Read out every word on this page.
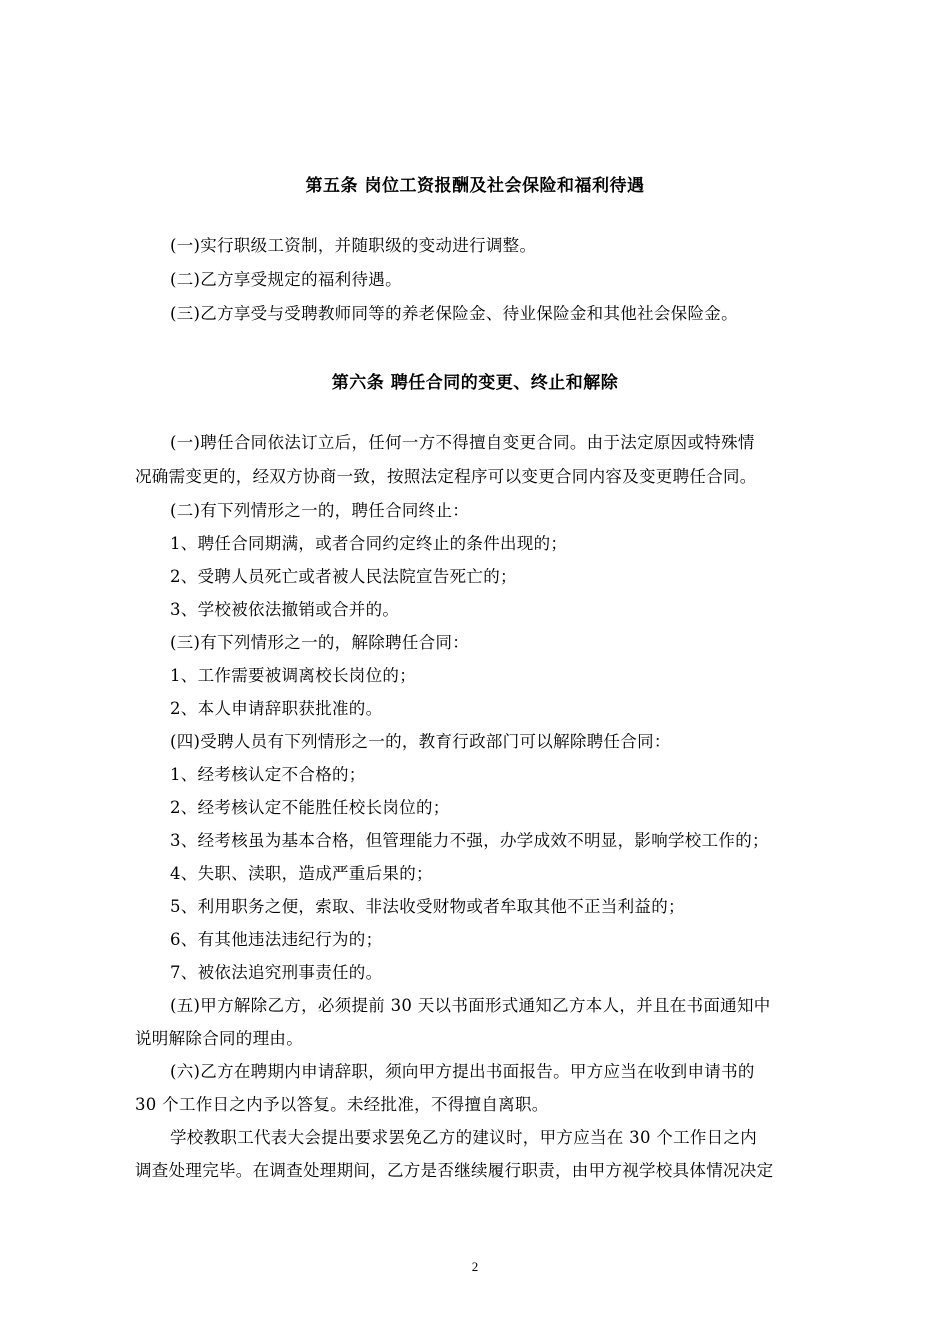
第五条 岗位工资报酬及社会保险和福利待遇
(一)实行职级工资制，并随职级的变动进行调整。
(二)乙方享受规定的福利待遇。
(三)乙方享受与受聘教师同等的养老保险金、待业保险金和其他社会保险金。
第六条 聘任合同的变更、终止和解除
(一)聘任合同依法订立后，任何一方不得擅自变更合同。由于法定原因或特殊情
况确需变更的，经双方协商一致，按照法定程序可以变更合同内容及变更聘任合同。
(二)有下列情形之一的，聘任合同终止：
1、聘任合同期满，或者合同约定终止的条件出现的；
2、受聘人员死亡或者被人民法院宣告死亡的；
3、学校被依法撤销或合并的。
(三)有下列情形之一的，解除聘任合同：
1、工作需要被调离校长岗位的；
2、本人申请辞职获批准的。
(四)受聘人员有下列情形之一的，教育行政部门可以解除聘任合同：
1、经考核认定不合格的；
2、经考核认定不能胜任校长岗位的；
3、经考核虽为基本合格，但管理能力不强，办学成效不明显，影响学校工作的；
4、失职、渎职，造成严重后果的；
5、利用职务之便，索取、非法收受财物或者牟取其他不正当利益的；
6、有其他违法违纪行为的；
7、被依法追究刑事责任的。
(五)甲方解除乙方，必须提前 30 天以书面形式通知乙方本人，并且在书面通知中
说明解除合同的理由。
(六)乙方在聘期内申请辞职，须向甲方提出书面报告。甲方应当在收到申请书的
30 个工作日之内予以答复。未经批准，不得擅自离职。
学校教职工代表大会提出要求罢免乙方的建议时，甲方应当在 30 个工作日之内
调查处理完毕。在调查处理期间，乙方是否继续履行职责，由甲方视学校具体情况决定
2
